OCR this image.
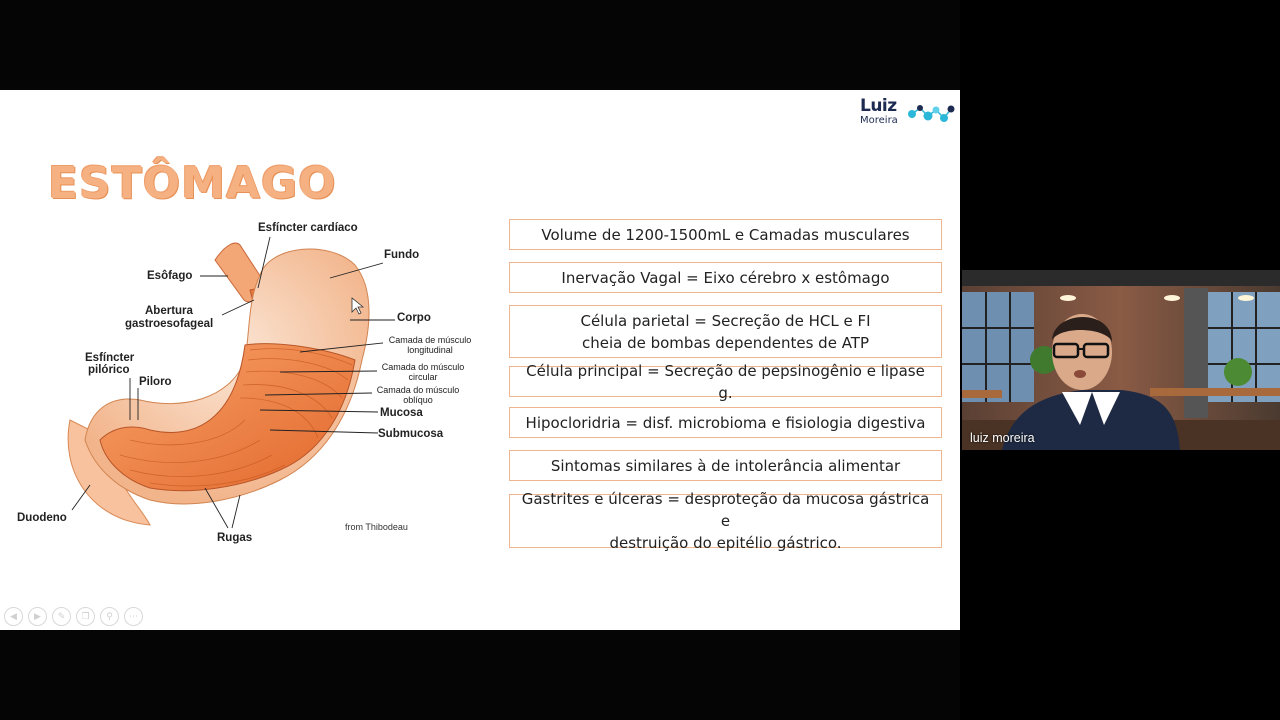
Luiz
Moreira
ESTÔMAGO
Esfíncter cardíaco
Fundo
Esôfago
Abertura
gastroesofageal	Corpo
Camada de músculo
longitudinal
Esfíncter
pilórico
Piloro
Camada do músculo
circular
Camada do músculo
oblíquo
Mucosa
Submucosa
Duodeno
Rugas
from Thibodeau
Volume de 1200-1500mL e Camadas musculares
Inervação Vagal = Eixo cérebro x estômago
Célula parietal = Secreção de HCL e FI
cheia de bombas dependentes de ATP
Célula principal = Secreção de pepsinogênio e lipase g.
Hipocloridria = disf. microbioma e fisiologia digestiva
Sintomas similares à de intolerância alimentar
Gastrites e úlceras = desproteção da mucosa gástrica e
destruição do epitélio gástrico.
◀	▶	✎	❐	⚲	⋯
luiz moreira
